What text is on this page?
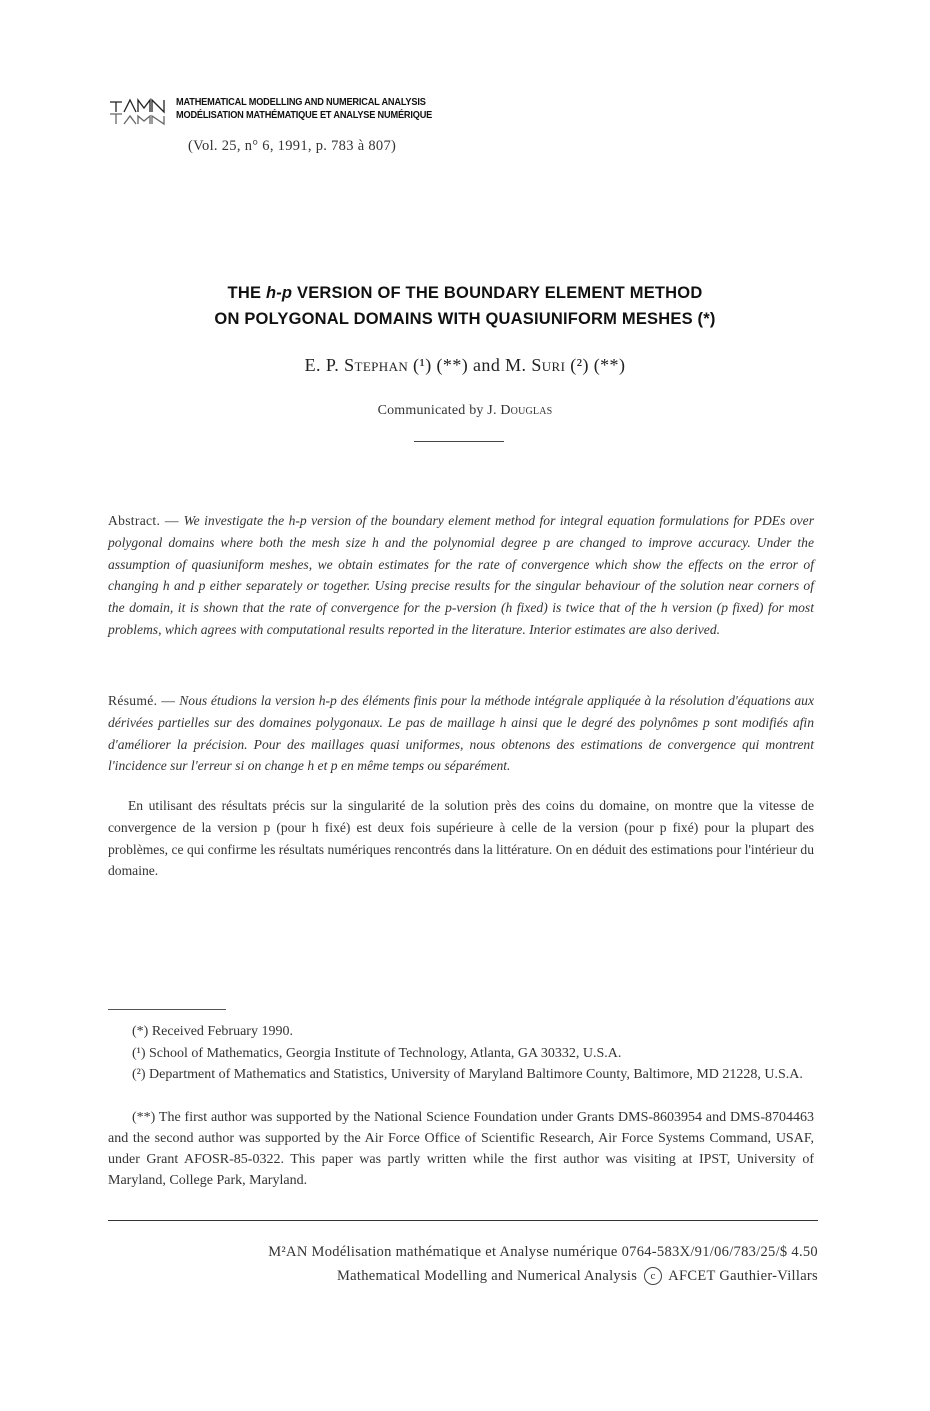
MATHEMATICAL MODELLING AND NUMERICAL ANALYSIS
MODÉLISATION MATHÉMATIQUE ET ANALYSE NUMÉRIQUE
(Vol. 25, n° 6, 1991, p. 783 à 807)
THE h-p VERSION OF THE BOUNDARY ELEMENT METHOD
ON POLYGONAL DOMAINS WITH QUASIUNIFORM MESHES (*)
E. P. Stephan (¹) (**) and M. Suri (²) (**)
Communicated by J. Douglas
Abstract. — We investigate the h-p version of the boundary element method for integral equation formulations for PDEs over polygonal domains where both the mesh size h and the polynomial degree p are changed to improve accuracy. Under the assumption of quasiuniform meshes, we obtain estimates for the rate of convergence which show the effects on the error of changing h and p either separately or together. Using precise results for the singular behaviour of the solution near corners of the domain, it is shown that the rate of convergence for the p-version (h fixed) is twice that of the h version (p fixed) for most problems, which agrees with computational results reported in the literature. Interior estimates are also derived.
Résumé. — Nous étudions la version h-p des éléments finis pour la méthode intégrale appliquée à la résolution d'équations aux dérivées partielles sur des domaines polygonaux. Le pas de maillage h ainsi que le degré des polynômes p sont modifiés afin d'améliorer la précision. Pour des maillages quasi uniformes, nous obtenons des estimations de convergence qui montrent l'incidence sur l'erreur si on change h et p en même temps ou séparément.
En utilisant des résultats précis sur la singularité de la solution près des coins du domaine, on montre que la vitesse de convergence de la version p (pour h fixé) est deux fois supérieure à celle de la version (pour p fixé) pour la plupart des problèmes, ce qui confirme les résultats numériques rencontrés dans la littérature. On en déduit des estimations pour l'intérieur du domaine.
(*) Received February 1990.
(¹) School of Mathematics, Georgia Institute of Technology, Atlanta, GA 30332, U.S.A.
(²) Department of Mathematics and Statistics, University of Maryland Baltimore County, Baltimore, MD 21228, U.S.A.
(**) The first author was supported by the National Science Foundation under Grants DMS-8603954 and DMS-8704463 and the second author was supported by the Air Force Office of Scientific Research, Air Force Systems Command, USAF, under Grant AFOSR-85-0322. This paper was partly written while the first author was visiting at IPST, University of Maryland, College Park, Maryland.
M²AN Modélisation mathématique et Analyse numérique 0764-583X/91/06/783/25/$ 4.50
Mathematical Modelling and Numerical Analysis c AFCET Gauthier-Villars
